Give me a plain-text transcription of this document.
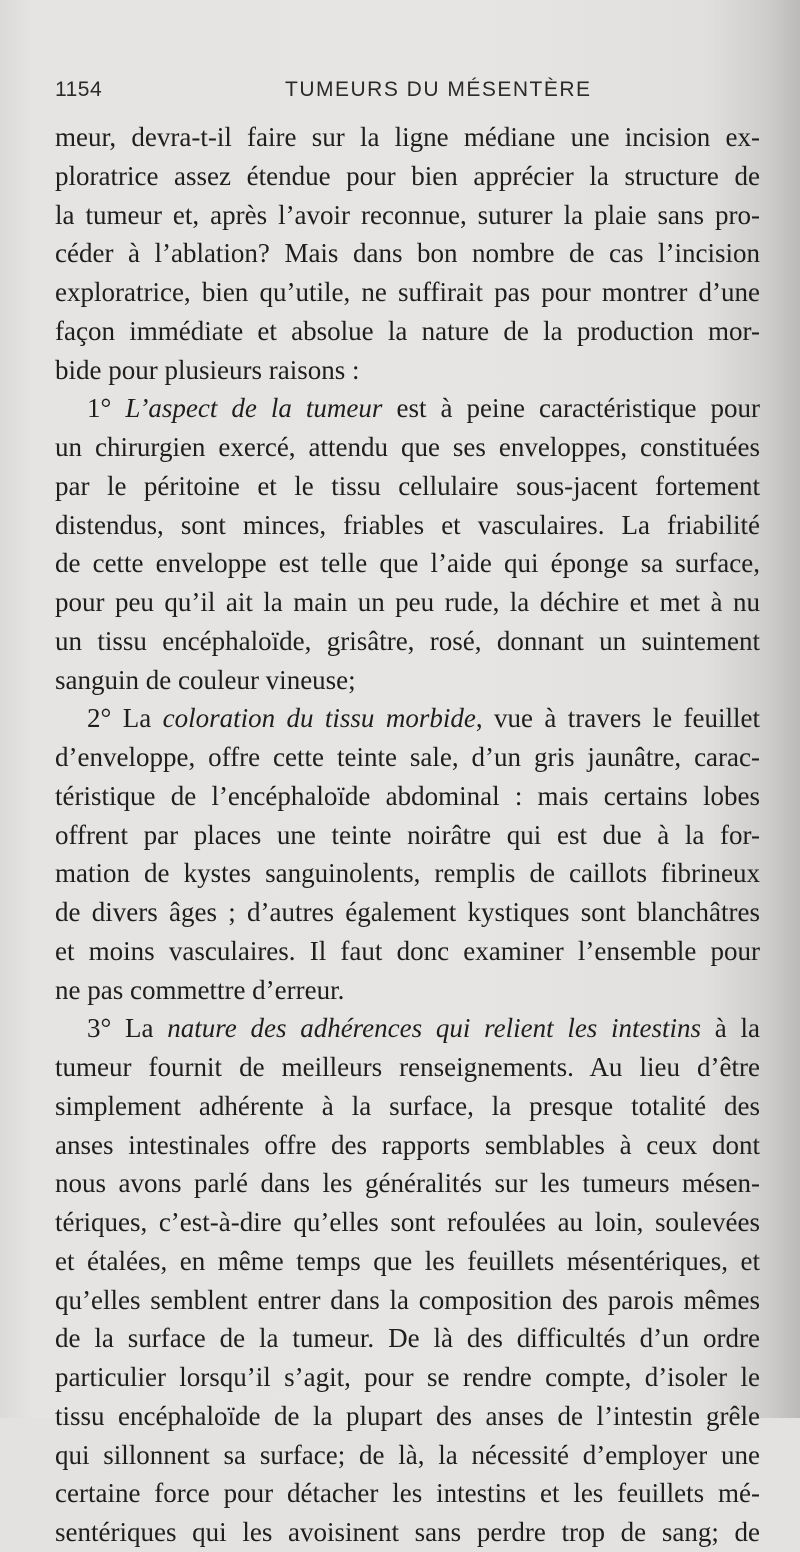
1154	TUMEURS DU MÉSENTÈRE
meur, devra-t-il faire sur la ligne médiane une incision ex-
ploratrice assez étendue pour bien apprécier la structure de
la tumeur et, après l’avoir reconnue, suturer la plaie sans pro-
céder à l’ablation? Mais dans bon nombre de cas l’incision
exploratrice, bien qu’utile, ne suffirait pas pour montrer d’une
façon immédiate et absolue la nature de la production mor-
bide pour plusieurs raisons :
1° L’aspect de la tumeur est à peine caractéristique pour
un chirurgien exercé, attendu que ses enveloppes, constituées
par le péritoine et le tissu cellulaire sous-jacent fortement
distendus, sont minces, friables et vasculaires. La friabilité
de cette enveloppe est telle que l’aide qui éponge sa surface,
pour peu qu’il ait la main un peu rude, la déchire et met à nu
un tissu encéphaloïde, grisâtre, rosé, donnant un suintement
sanguin de couleur vineuse;
2° La coloration du tissu morbide, vue à travers le feuillet
d’enveloppe, offre cette teinte sale, d’un gris jaunâtre, carac-
téristique de l’encéphaloïde abdominal : mais certains lobes
offrent par places une teinte noirâtre qui est due à la for-
mation de kystes sanguinolents, remplis de caillots fibrineux
de divers âges ; d’autres également kystiques sont blanchâtres
et moins vasculaires. Il faut donc examiner l’ensemble pour
ne pas commettre d’erreur.
3° La nature des adhérences qui relient les intestins à la
tumeur fournit de meilleurs renseignements. Au lieu d’être
simplement adhérente à la surface, la presque totalité des
anses intestinales offre des rapports semblables à ceux dont
nous avons parlé dans les généralités sur les tumeurs mésen-
tériques, c’est-à-dire qu’elles sont refoulées au loin, soulevées
et étalées, en même temps que les feuillets mésentériques, et
qu’elles semblent entrer dans la composition des parois mêmes
de la surface de la tumeur. De là des difficultés d’un ordre
particulier lorsqu’il s’agit, pour se rendre compte, d’isoler le
tissu encéphaloïde de la plupart des anses de l’intestin grêle
qui sillonnent sa surface; de là, la nécessité d’employer une
certaine force pour détacher les intestins et les feuillets mé-
sentériques qui les avoisinent sans perdre trop de sang; de
